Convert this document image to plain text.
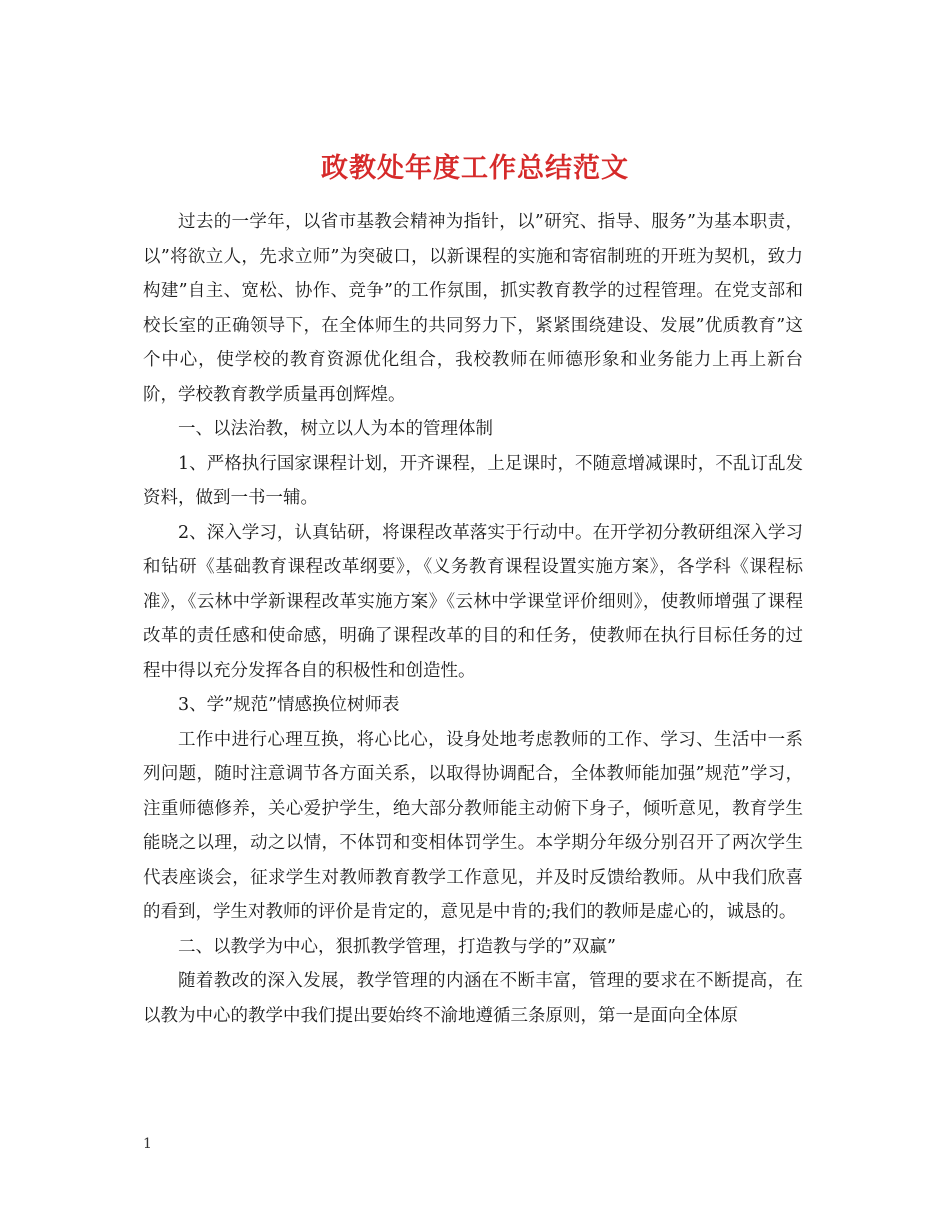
政教处年度工作总结范文

过去的一学年，以省市基教会精神为指针，以”研究、指导、服务”为基本职责，以”将欲立人，先求立师”为突破口，以新课程的实施和寄宿制班的开班为契机，致力构建”自主、宽松、协作、竞争”的工作氛围，抓实教育教学的过程管理。在党支部和校长室的正确领导下，在全体师生的共同努力下，紧紧围绕建设、发展”优质教育”这个中心，使学校的教育资源优化组合，我校教师在师德形象和业务能力上再上新台阶，学校教育教学质量再创辉煌。

一、以法治教，树立以人为本的管理体制

1、严格执行国家课程计划，开齐课程，上足课时，不随意增减课时，不乱订乱发资料，做到一书一辅。

2、深入学习，认真钻研，将课程改革落实于行动中。在开学初分教研组深入学习和钻研《基础教育课程改革纲要》，《义务教育课程设置实施方案》，各学科《课程标准》，《云林中学新课程改革实施方案》《云林中学课堂评价细则》，使教师增强了课程改革的责任感和使命感，明确了课程改革的目的和任务，使教师在执行目标任务的过程中得以充分发挥各自的积极性和创造性。

3、学”规范”情感换位树师表

工作中进行心理互换，将心比心，设身处地考虑教师的工作、学习、生活中一系列问题，随时注意调节各方面关系，以取得协调配合，全体教师能加强”规范”学习，注重师德修养，关心爱护学生，绝大部分教师能主动俯下身子，倾听意见，教育学生能晓之以理，动之以情，不体罚和变相体罚学生。本学期分年级分别召开了两次学生代表座谈会，征求学生对教师教育教学工作意见，并及时反馈给教师。从中我们欣喜的看到，学生对教师的评价是肯定的，意见是中肯的;我们的教师是虚心的，诚恳的。

二、以教学为中心，狠抓教学管理，打造教与学的”双赢”

随着教改的深入发展，教学管理的内涵在不断丰富，管理的要求在不断提高，在以教为中心的教学中我们提出要始终不渝地遵循三条原则，第一是面向全体原

1
